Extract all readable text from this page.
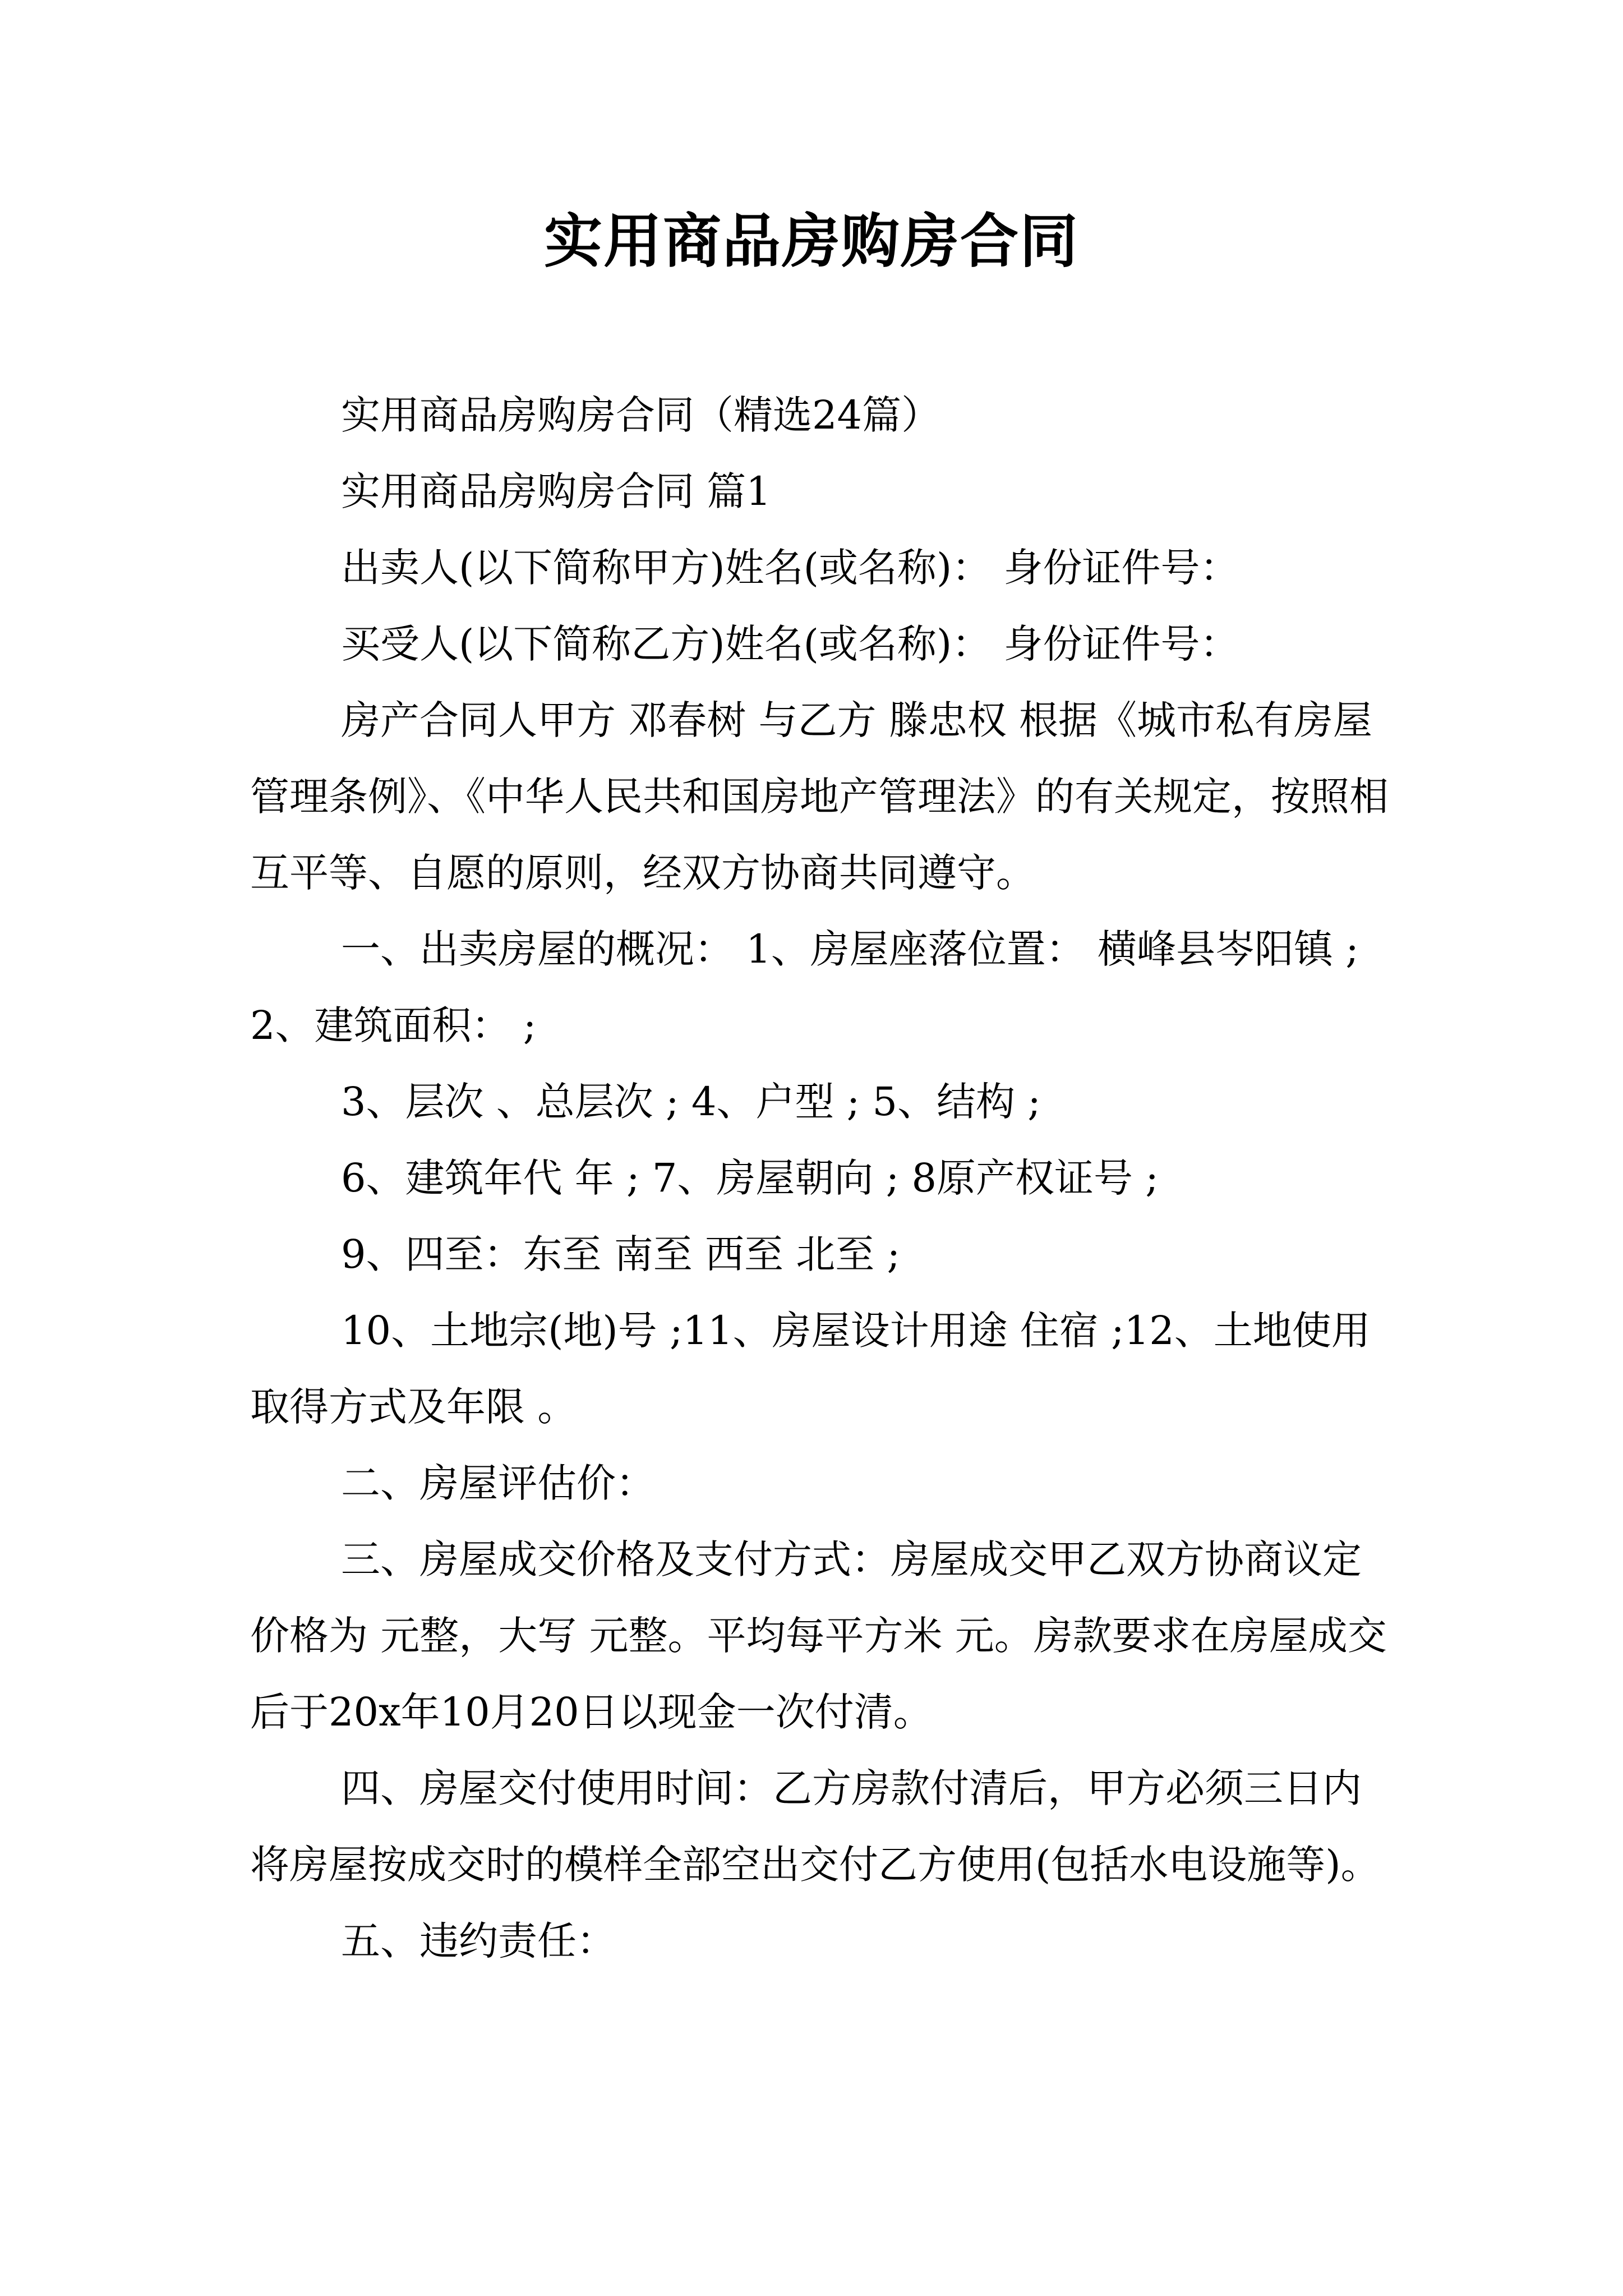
实用商品房购房合同

实用商品房购房合同（精选24篇）

实用商品房购房合同 篇1

出卖人(以下简称甲方)姓名(或名称)： 身份证件号：

买受人(以下简称乙方)姓名(或名称)： 身份证件号：

房产合同人甲方 邓春树 与乙方 滕忠权 根据《城市私有房屋管理条例》、《中华人民共和国房地产管理法》的有关规定，按照相互平等、自愿的原则，经双方协商共同遵守。

一、出卖房屋的概况： 1、房屋座落位置： 横峰县岑阳镇 ;2、建筑面积： ;

3、层次 、总层次 ; 4、户型 ; 5、结构 ;

6、建筑年代 年 ; 7、房屋朝向 ; 8原产权证号 ;

9、四至：东至 南至 西至 北至 ;

10、土地宗(地)号 ;11、房屋设计用途 住宿 ;12、土地使用取得方式及年限 。

二、房屋评估价：

三、房屋成交价格及支付方式：房屋成交甲乙双方协商议定价格为 元整，大写 元整。平均每平方米 元。房款要求在房屋成交后于20x年10月20日以现金一次付清。

四、房屋交付使用时间：乙方房款付清后，甲方必须三日内将房屋按成交时的模样全部空出交付乙方使用(包括水电设施等)。

五、违约责任：
